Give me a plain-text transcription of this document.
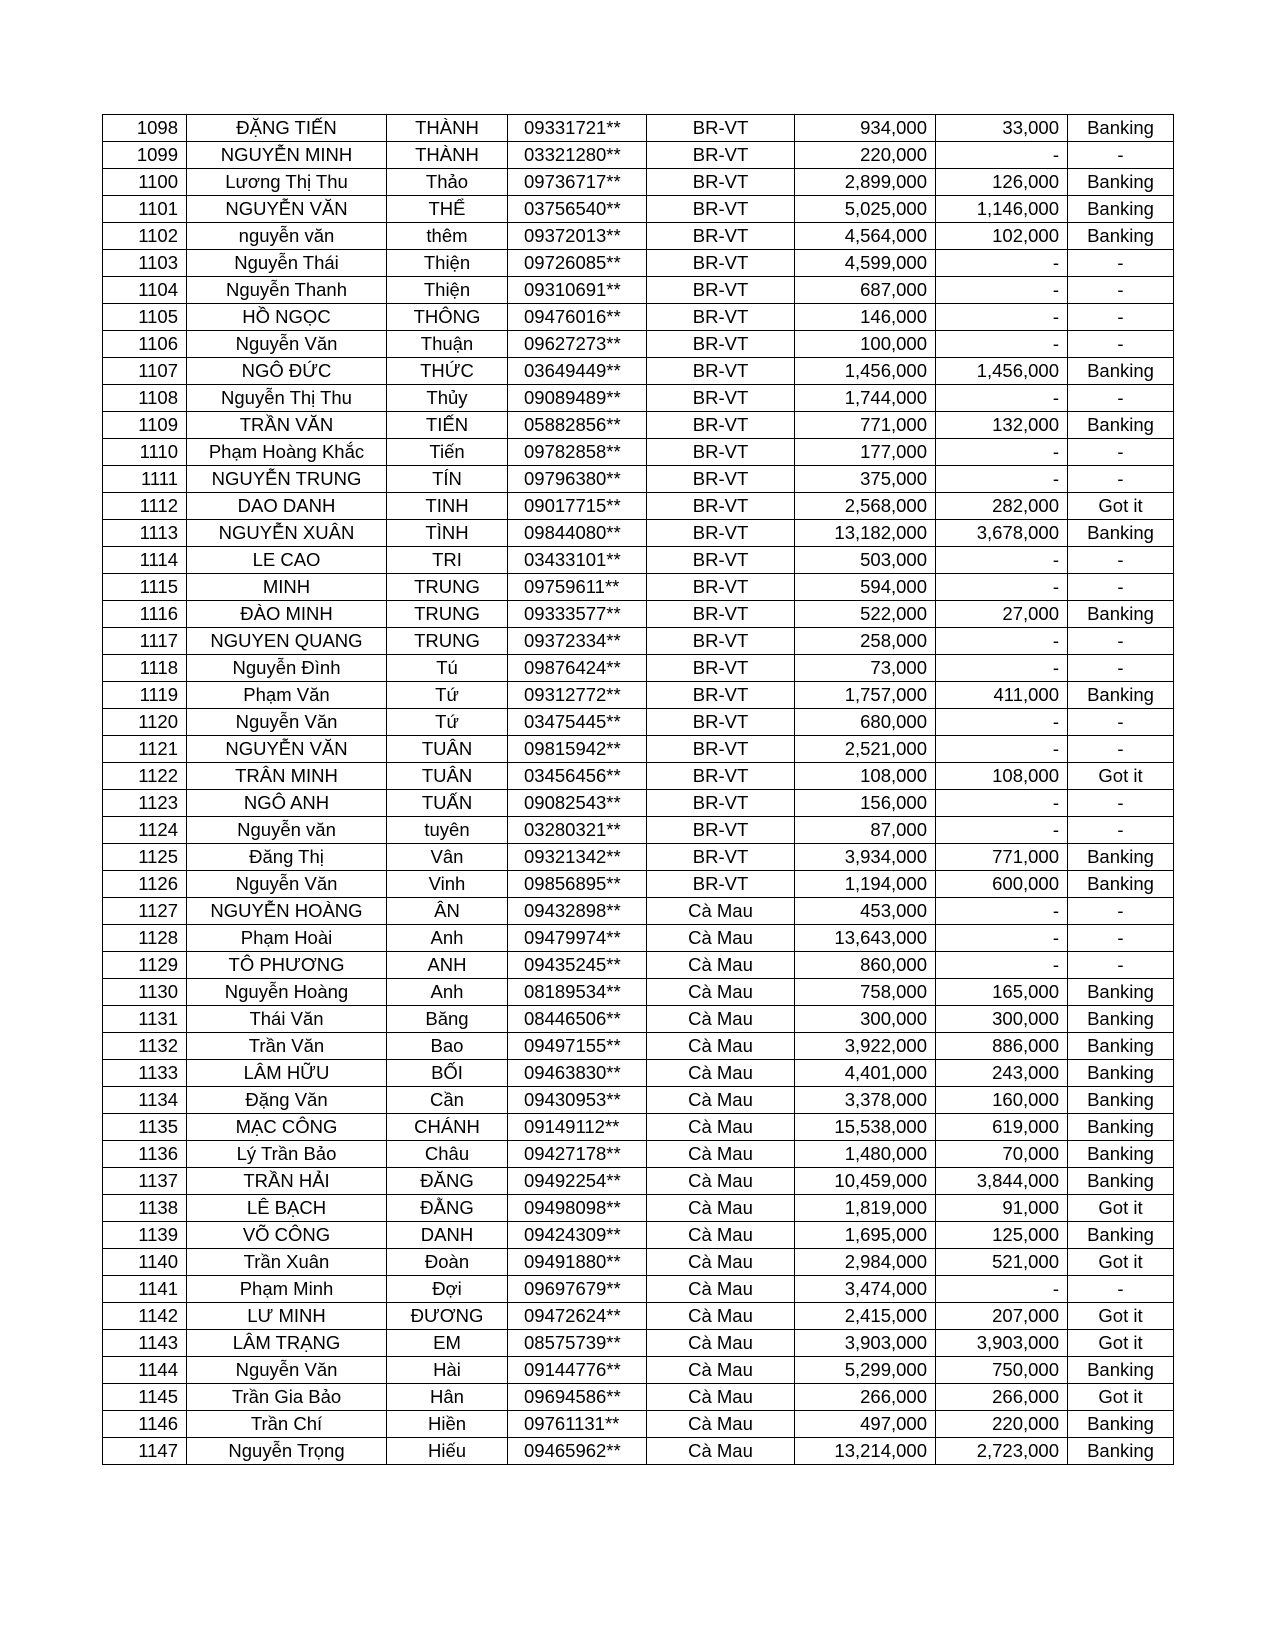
1098	ĐẶNG TIẾN	THÀNH	09331721**	BR-VT	934,000	33,000	Banking
1099	NGUYỄN MINH	THÀNH	03321280**	BR-VT	220,000	-	-
1100	Lương Thị Thu	Thảo	09736717**	BR-VT	2,899,000	126,000	Banking
1101	NGUYỄN VĂN	THỂ	03756540**	BR-VT	5,025,000	1,146,000	Banking
1102	nguyễn văn	thêm	09372013**	BR-VT	4,564,000	102,000	Banking
1103	Nguyễn Thái	Thiện	09726085**	BR-VT	4,599,000	-	-
1104	Nguyễn Thanh	Thiện	09310691**	BR-VT	687,000	-	-
1105	HỒ NGỌC	THÔNG	09476016**	BR-VT	146,000	-	-
1106	Nguyễn Văn	Thuận	09627273**	BR-VT	100,000	-	-
1107	NGÔ ĐỨC	THỨC	03649449**	BR-VT	1,456,000	1,456,000	Banking
1108	Nguyễn Thị Thu	Thủy	09089489**	BR-VT	1,744,000	-	-
1109	TRẦN VĂN	TIẾN	05882856**	BR-VT	771,000	132,000	Banking
1110	Phạm Hoàng Khắc	Tiến	09782858**	BR-VT	177,000	-	-
1111	NGUYỄN TRUNG	TÍN	09796380**	BR-VT	375,000	-	-
1112	DAO DANH	TINH	09017715**	BR-VT	2,568,000	282,000	Got it
1113	NGUYỄN XUÂN	TÌNH	09844080**	BR-VT	13,182,000	3,678,000	Banking
1114	LE CAO	TRI	03433101**	BR-VT	503,000	-	-
1115	MINH	TRUNG	09759611**	BR-VT	594,000	-	-
1116	ĐÀO MINH	TRUNG	09333577**	BR-VT	522,000	27,000	Banking
1117	NGUYEN QUANG	TRUNG	09372334**	BR-VT	258,000	-	-
1118	Nguyễn Đình	Tú	09876424**	BR-VT	73,000	-	-
1119	Phạm Văn	Tứ	09312772**	BR-VT	1,757,000	411,000	Banking
1120	Nguyễn Văn	Tứ	03475445**	BR-VT	680,000	-	-
1121	NGUYỄN VĂN	TUÂN	09815942**	BR-VT	2,521,000	-	-
1122	TRÂN MINH	TUÂN	03456456**	BR-VT	108,000	108,000	Got it
1123	NGÔ ANH	TUẤN	09082543**	BR-VT	156,000	-	-
1124	Nguyễn văn	tuyên	03280321**	BR-VT	87,000	-	-
1125	Đăng Thị	Vân	09321342**	BR-VT	3,934,000	771,000	Banking
1126	Nguyễn Văn	Vinh	09856895**	BR-VT	1,194,000	600,000	Banking
1127	NGUYỄN HOÀNG	ÂN	09432898**	Cà Mau	453,000	-	-
1128	Phạm Hoài	Anh	09479974**	Cà Mau	13,643,000	-	-
1129	TÔ PHƯƠNG	ANH	09435245**	Cà Mau	860,000	-	-
1130	Nguyễn Hoàng	Anh	08189534**	Cà Mau	758,000	165,000	Banking
1131	Thái Văn	Băng	08446506**	Cà Mau	300,000	300,000	Banking
1132	Trần Văn	Bao	09497155**	Cà Mau	3,922,000	886,000	Banking
1133	LÂM HỮU	BỐI	09463830**	Cà Mau	4,401,000	243,000	Banking
1134	Đặng Văn	Cần	09430953**	Cà Mau	3,378,000	160,000	Banking
1135	MẠC CÔNG	CHÁNH	09149112**	Cà Mau	15,538,000	619,000	Banking
1136	Lý Trần Bảo	Châu	09427178**	Cà Mau	1,480,000	70,000	Banking
1137	TRẦN HẢI	ĐĂNG	09492254**	Cà Mau	10,459,000	3,844,000	Banking
1138	LÊ BẠCH	ĐẰNG	09498098**	Cà Mau	1,819,000	91,000	Got it
1139	VÕ CÔNG	DANH	09424309**	Cà Mau	1,695,000	125,000	Banking
1140	Trần Xuân	Đoàn	09491880**	Cà Mau	2,984,000	521,000	Got it
1141	Phạm Minh	Đợi	09697679**	Cà Mau	3,474,000	-	-
1142	LƯ MINH	ĐƯƠNG	09472624**	Cà Mau	2,415,000	207,000	Got it
1143	LÂM TRẠNG	EM	08575739**	Cà Mau	3,903,000	3,903,000	Got it
1144	Nguyễn Văn	Hài	09144776**	Cà Mau	5,299,000	750,000	Banking
1145	Trần Gia Bảo	Hân	09694586**	Cà Mau	266,000	266,000	Got it
1146	Trần Chí	Hiền	09761131**	Cà Mau	497,000	220,000	Banking
1147	Nguyễn Trọng	Hiếu	09465962**	Cà Mau	13,214,000	2,723,000	Banking
